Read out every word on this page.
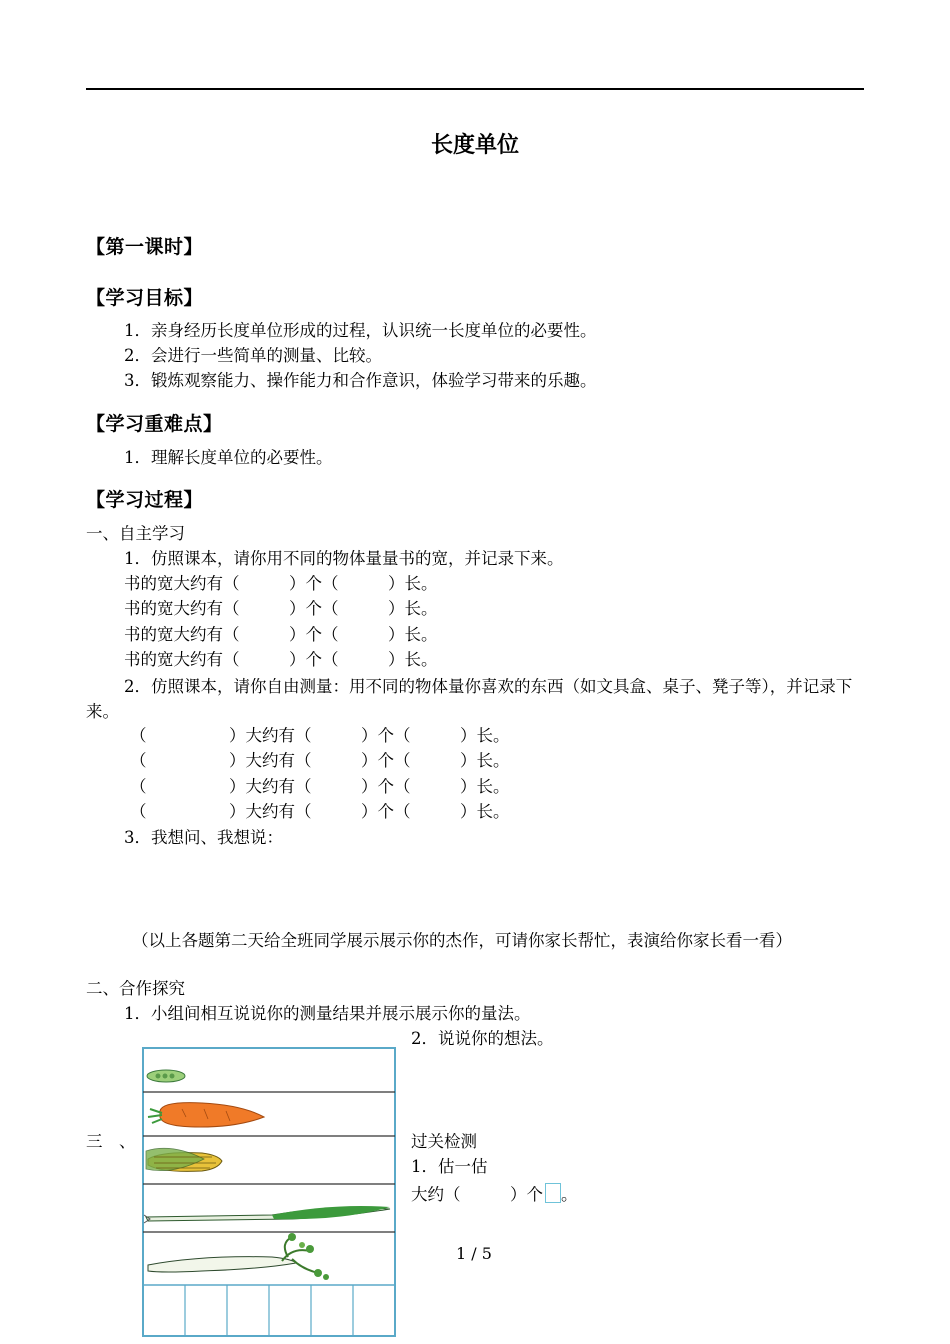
长度单位
【第一课时】
【学习目标】
1．亲身经历长度单位形成的过程，认识统一长度单位的必要性。
2．会进行一些简单的测量、比较。
3．锻炼观察能力、操作能力和合作意识，体验学习带来的乐趣。
【学习重难点】
1．理解长度单位的必要性。
【学习过程】
一、自主学习
1．仿照课本，请你用不同的物体量量书的宽，并记录下来。
书的宽大约有（　　　）个（　　　）长。
书的宽大约有（　　　）个（　　　）长。
书的宽大约有（　　　）个（　　　）长。
书的宽大约有（　　　）个（　　　）长。
2．仿照课本，请你自由测量：用不同的物体量你喜欢的东西（如文具盒、桌子、凳子等），并记录下来。
（　　　　　）大约有（　　　）个（　　　）长。
（　　　　　）大约有（　　　）个（　　　）长。
（　　　　　）大约有（　　　）个（　　　）长。
（　　　　　）大约有（　　　）个（　　　）长。
3．我想问、我想说：
（以上各题第二天给全班同学展示展示你的杰作，可请你家长帮忙，表演给你家长看一看）
二、合作探究
1．小组间相互说说你的测量结果并展示展示你的量法。
2．说说你的想法。
三　、	过关检测
1．估一估
大约（　　　）个 。
1 / 5
